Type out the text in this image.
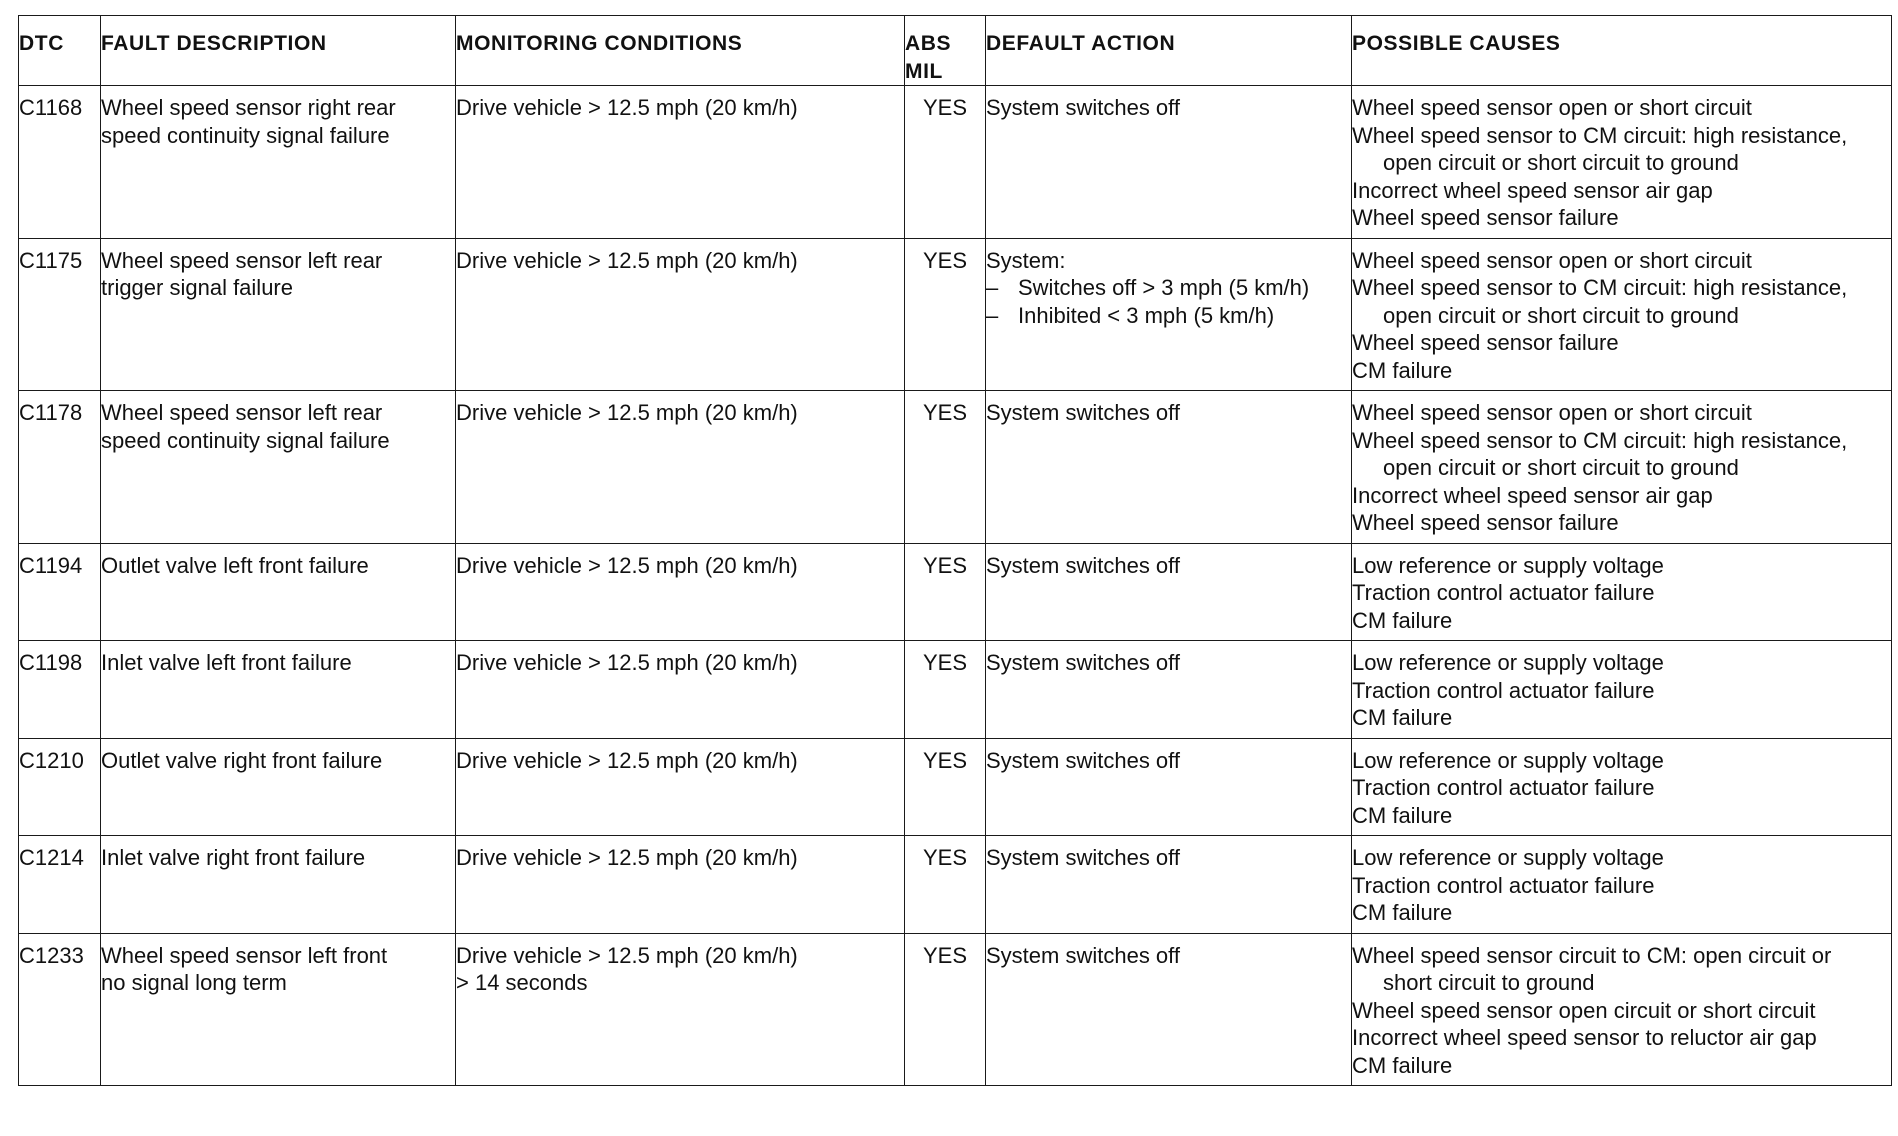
DTC	FAULT DESCRIPTION	MONITORING CONDITIONS	ABS
MIL	DEFAULT ACTION	POSSIBLE CAUSES

C1168	Wheel speed sensor right rear
speed continuity signal failure	Drive vehicle > 12.5 mph (20 km/h)	YES	System switches off	Wheel speed sensor open or short circuit
Wheel speed sensor to CM circuit: high resistance,
open circuit or short circuit to ground
Incorrect wheel speed sensor air gap
Wheel speed sensor failure

C1175	Wheel speed sensor left rear
trigger signal failure	Drive vehicle > 12.5 mph (20 km/h)	YES	System:
– Switches off > 3 mph (5 km/h)
– Inhibited < 3 mph (5 km/h)	Wheel speed sensor open or short circuit
Wheel speed sensor to CM circuit: high resistance,
open circuit or short circuit to ground
Wheel speed sensor failure
CM failure

C1178	Wheel speed sensor left rear
speed continuity signal failure	Drive vehicle > 12.5 mph (20 km/h)	YES	System switches off	Wheel speed sensor open or short circuit
Wheel speed sensor to CM circuit: high resistance,
open circuit or short circuit to ground
Incorrect wheel speed sensor air gap
Wheel speed sensor failure

C1194	Outlet valve left front failure	Drive vehicle > 12.5 mph (20 km/h)	YES	System switches off	Low reference or supply voltage
Traction control actuator failure
CM failure

C1198	Inlet valve left front failure	Drive vehicle > 12.5 mph (20 km/h)	YES	System switches off	Low reference or supply voltage
Traction control actuator failure
CM failure

C1210	Outlet valve right front failure	Drive vehicle > 12.5 mph (20 km/h)	YES	System switches off	Low reference or supply voltage
Traction control actuator failure
CM failure

C1214	Inlet valve right front failure	Drive vehicle > 12.5 mph (20 km/h)	YES	System switches off	Low reference or supply voltage
Traction control actuator failure
CM failure

C1233	Wheel speed sensor left front
no signal long term	Drive vehicle > 12.5 mph (20 km/h)
> 14 seconds	YES	System switches off	Wheel speed sensor circuit to CM: open circuit or
short circuit to ground
Wheel speed sensor open circuit or short circuit
Incorrect wheel speed sensor to reluctor air gap
CM failure
